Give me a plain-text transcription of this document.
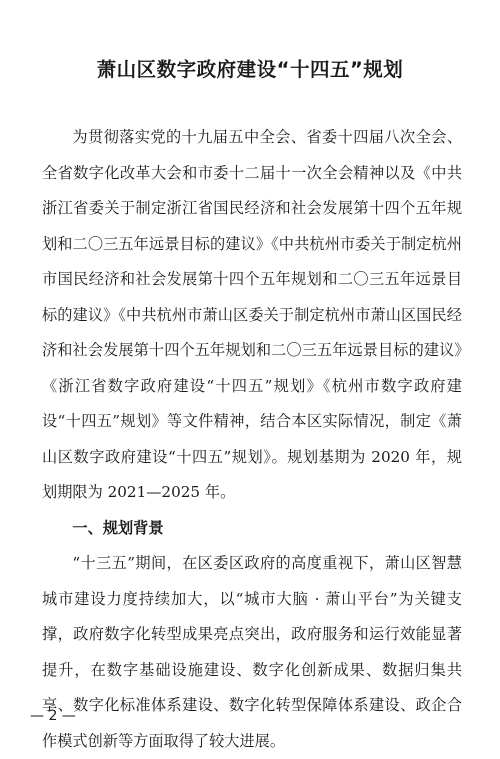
萧山区数字政府建设“十四五”规划

为贯彻落实党的十九届五中全会、省委十四届八次全会、全省数字化改革大会和市委十二届十一次全会精神以及《中共浙江省委关于制定浙江省国民经济和社会发展第十四个五年规划和二〇三五年远景目标的建议》《中共杭州市委关于制定杭州市国民经济和社会发展第十四个五年规划和二〇三五年远景目标的建议》《中共杭州市萧山区委关于制定杭州市萧山区国民经济和社会发展第十四个五年规划和二〇三五年远景目标的建议》《浙江省数字政府建设“十四五”规划》《杭州市数字政府建设“十四五”规划》等文件精神，结合本区实际情况，制定《萧山区数字政府建设“十四五”规划》。规划基期为 2020 年，规划期限为 2021—2025 年。

一、规划背景

“十三五”期间，在区委区政府的高度重视下，萧山区智慧城市建设力度持续加大，以“城市大脑 · 萧山平台”为关键支撑，政府数字化转型成果亮点突出，政府服务和运行效能显著提升，在数字基础设施建设、数字化创新成果、数据归集共享、数字化标准体系建设、数字化转型保障体系建设、政企合作模式创新等方面取得了较大进展。

— 2 —
